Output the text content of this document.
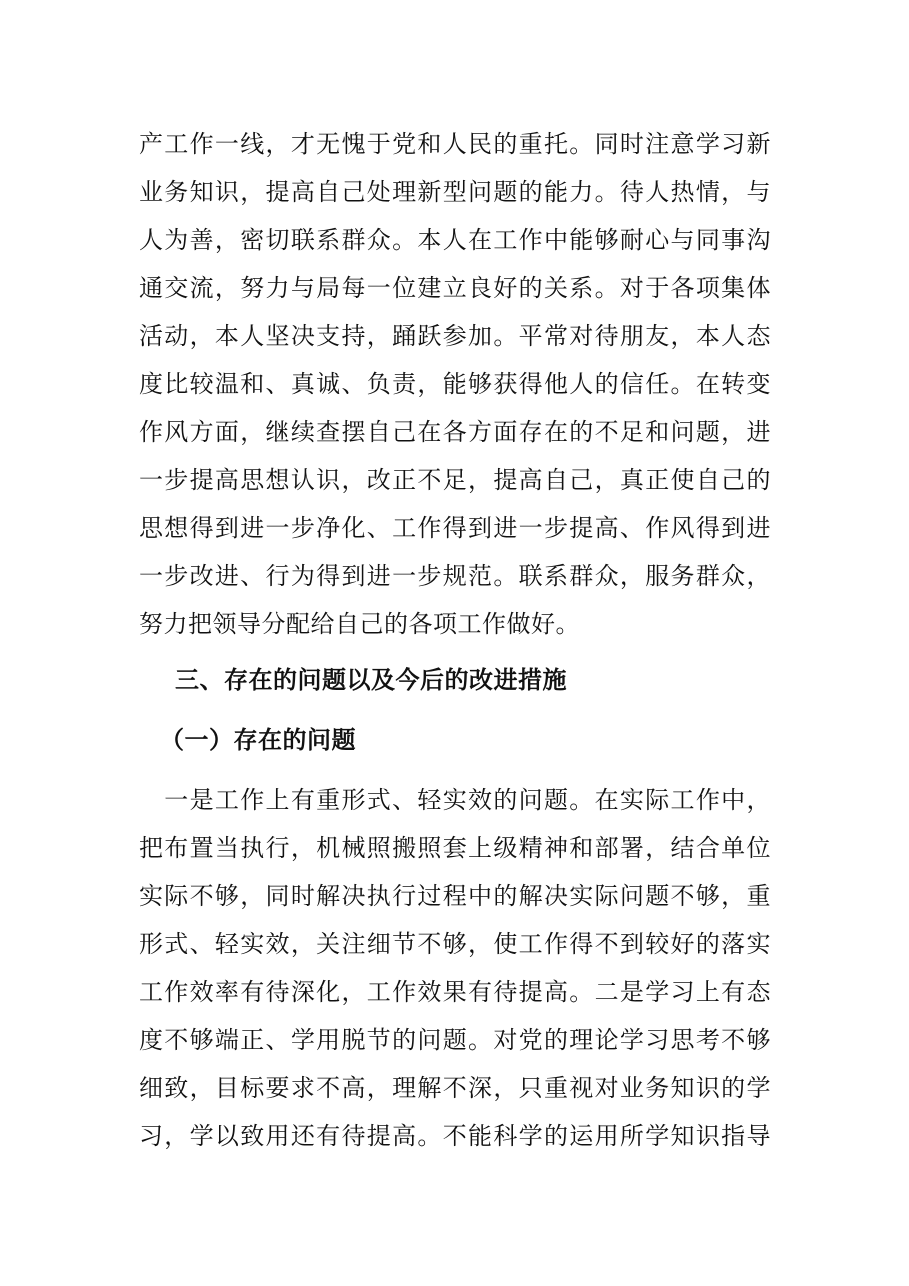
产工作一线，才无愧于党和人民的重托。同时注意学习新
业务知识，提高自己处理新型问题的能力。待人热情，与
人为善，密切联系群众。本人在工作中能够耐心与同事沟
通交流，努力与局每一位建立良好的关系。对于各项集体
活动，本人坚决支持，踊跃参加。平常对待朋友，本人态
度比较温和、真诚、负责，能够获得他人的信任。在转变
作风方面，继续查摆自己在各方面存在的不足和问题，进
一步提高思想认识，改正不足，提高自己，真正使自己的
思想得到进一步净化、工作得到进一步提高、作风得到进
一步改进、行为得到进一步规范。联系群众，服务群众，
努力把领导分配给自己的各项工作做好。
三、存在的问题以及今后的改进措施
（一）存在的问题
　一是工作上有重形式、轻实效的问题。在实际工作中，
把布置当执行，机械照搬照套上级精神和部署，结合单位
实际不够，同时解决执行过程中的解决实际问题不够，重
形式、轻实效，关注细节不够，使工作得不到较好的落实
工作效率有待深化，工作效果有待提高。二是学习上有态
度不够端正、学用脱节的问题。对党的理论学习思考不够
细致，目标要求不高，理解不深，只重视对业务知识的学
习，学以致用还有待提高。不能科学的运用所学知识指导
